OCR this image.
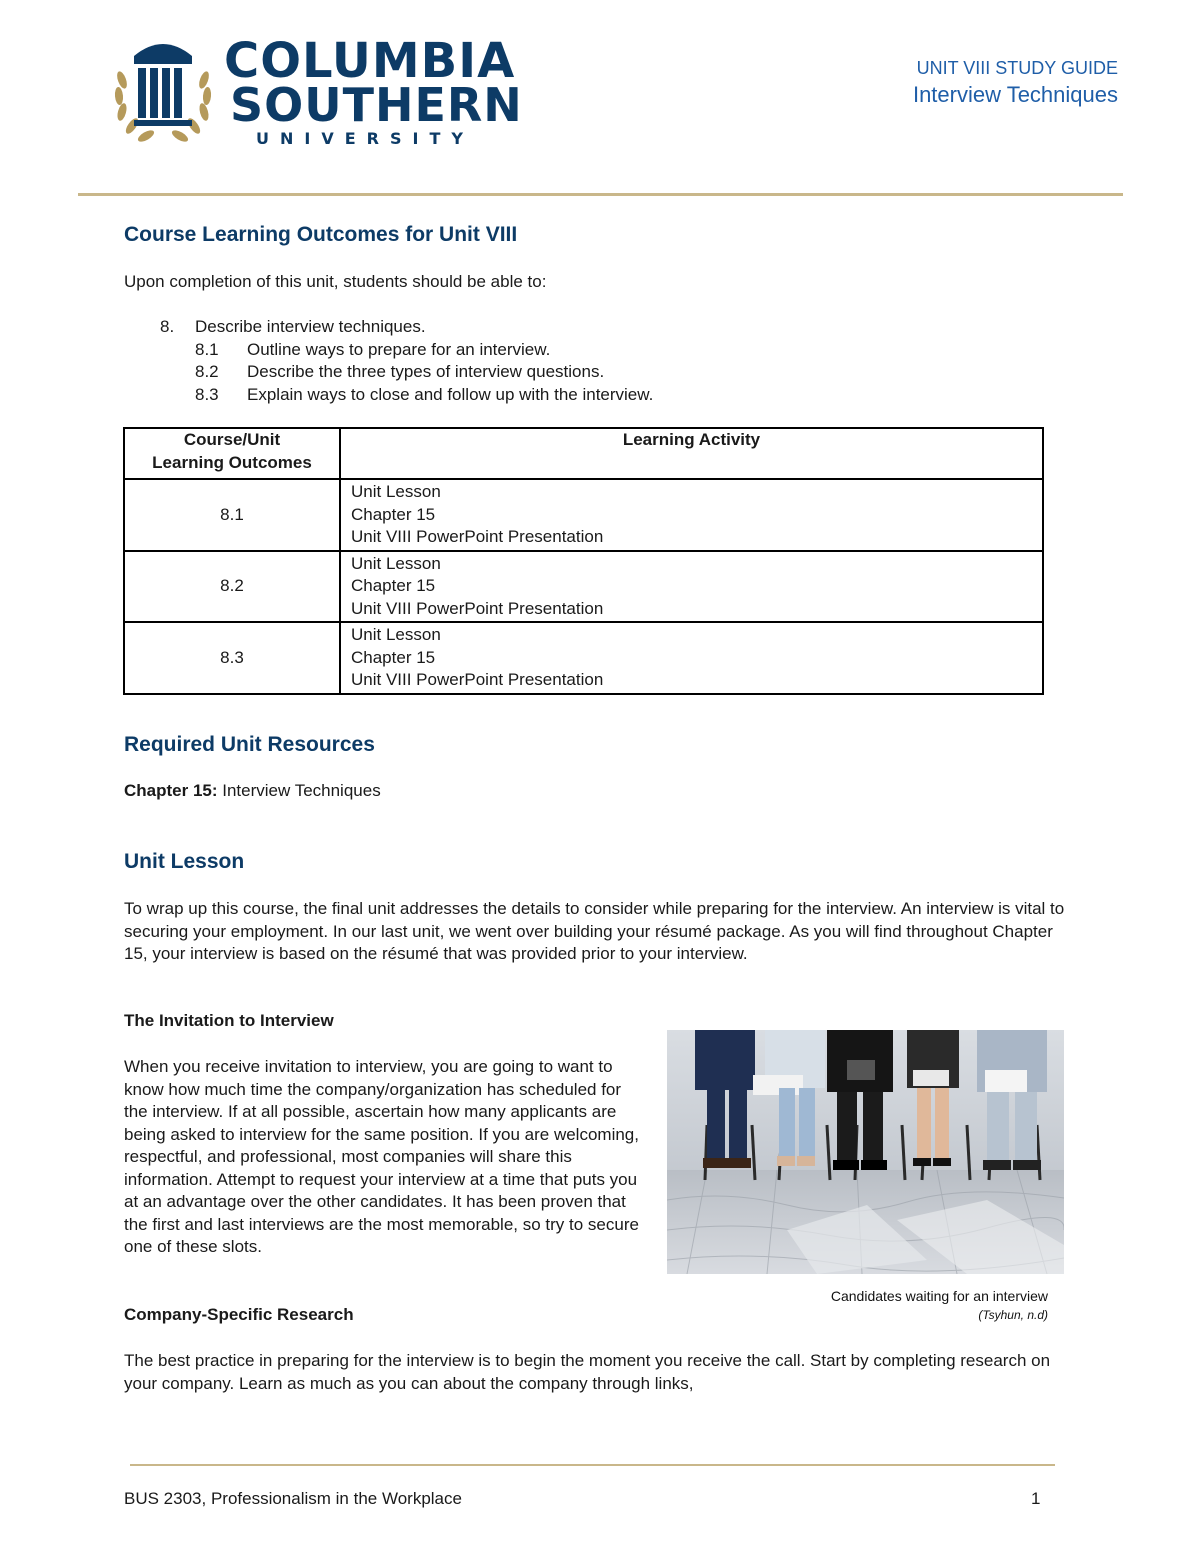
COLUMBIA
SOUTHERN
UNIVERSITY
UNIT VIII STUDY GUIDE
Interview Techniques
Course Learning Outcomes for Unit VIII
Upon completion of this unit, students should be able to:
8. Describe interview techniques.
8.1 Outline ways to prepare for an interview.
8.2 Describe the three types of interview questions.
8.3 Explain ways to close and follow up with the interview.
Course/Unit
Learning Outcomes	Learning Activity
8.1	Unit Lesson
Chapter 15
Unit VIII PowerPoint Presentation

8.2	Unit Lesson
Chapter 15
Unit VIII PowerPoint Presentation

8.3	Unit Lesson
Chapter 15
Unit VIII PowerPoint Presentation
Required Unit Resources
Chapter 15: Interview Techniques
Unit Lesson
To wrap up this course, the final unit addresses the details to consider while preparing for the interview. An interview is vital to securing your employment. In our last unit, we went over building your résumé package. As you will find throughout Chapter 15, your interview is based on the résumé that was provided prior to your interview.
The Invitation to Interview
When you receive invitation to interview, you are going to want to know how much time the company/organization has scheduled for the interview. If at all possible, ascertain how many applicants are being asked to interview for the same position. If you are welcoming, respectful, and professional, most companies will share this information. Attempt to request your interview at a time that puts you at an advantage over the other candidates. It has been proven that the first and last interviews are the most memorable, so try to secure one of these slots.
Company-Specific Research
The best practice in preparing for the interview is to begin the moment you receive the call. Start by completing research on your company. Learn as much as you can about the company through links,
Candidates waiting for an interview
(Tsyhun, n.d)
BUS 2303, Professionalism in the Workplace	1
